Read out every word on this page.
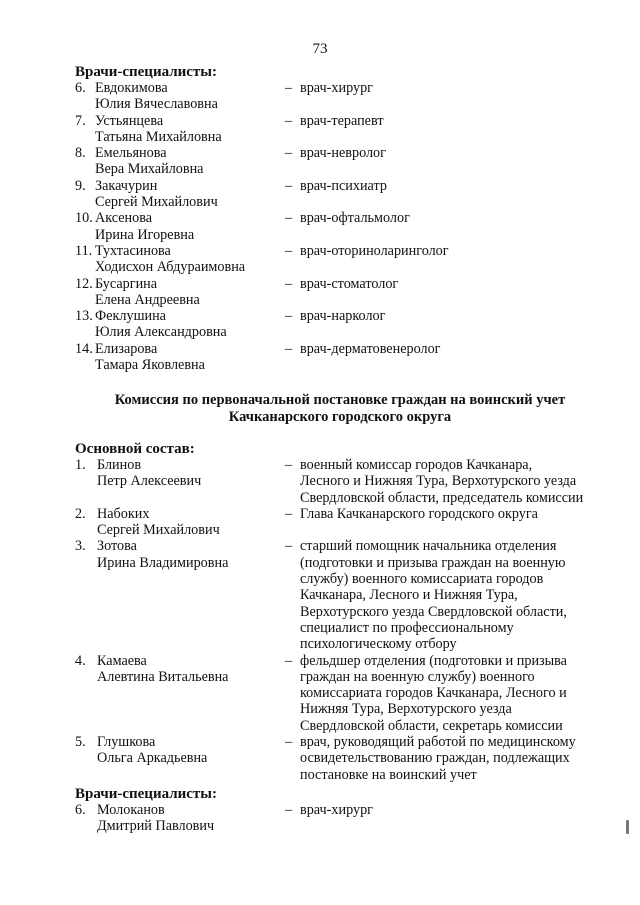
73
Врачи-специалисты:
6. Евдокимова
Юлия Вячеславовна
– врач-хирург
7. Устьянцева
Татьяна Михайловна
– врач-терапевт
8. Емельянова
Вера Михайловна
– врач-невролог
9. Закачурин
Сергей Михайлович
– врач-психиатр
10. Аксенова
Ирина Игоревна
– врач-офтальмолог
11. Тухтасинова
Ходисхон Абдураимовна
– врач-оториноларинголог
12. Бусаргина
Елена Андреевна
– врач-стоматолог
13. Феклушина
Юлия Александровна
– врач-нарколог
14. Елизарова
Тамара Яковлевна
– врач-дерматовенеролог
Комиссия по первоначальной постановке граждан на воинский учет
Качканарского городского округа
Основной состав:
1. Блинов
Петр Алексеевич
– военный комиссар городов Качканара,
Лесного и Нижняя Тура, Верхотурского уезда
Свердловской области, председатель комиссии
2. Набоких
Сергей Михайлович
– Глава Качканарского городского округа
3. Зотова
Ирина Владимировна
– старший помощник начальника отделения
(подготовки и призыва граждан на военную
службу) военного комиссариата городов
Качканара, Лесного и Нижняя Тура,
Верхотурского уезда Свердловской области,
специалист по профессиональному
психологическому отбору
4. Камаева
Алевтина Витальевна
– фельдшер отделения (подготовки и призыва
граждан на военную службу) военного
комиссариата городов Качканара, Лесного и
Нижняя Тура, Верхотурского уезда
Свердловской области, секретарь комиссии
5. Глушкова
Ольга Аркадьевна
– врач, руководящий работой по медицинскому
освидетельствованию граждан, подлежащих
постановке на воинский учет
Врачи-специалисты:
6. Молоканов
Дмитрий Павлович
– врач-хирург
